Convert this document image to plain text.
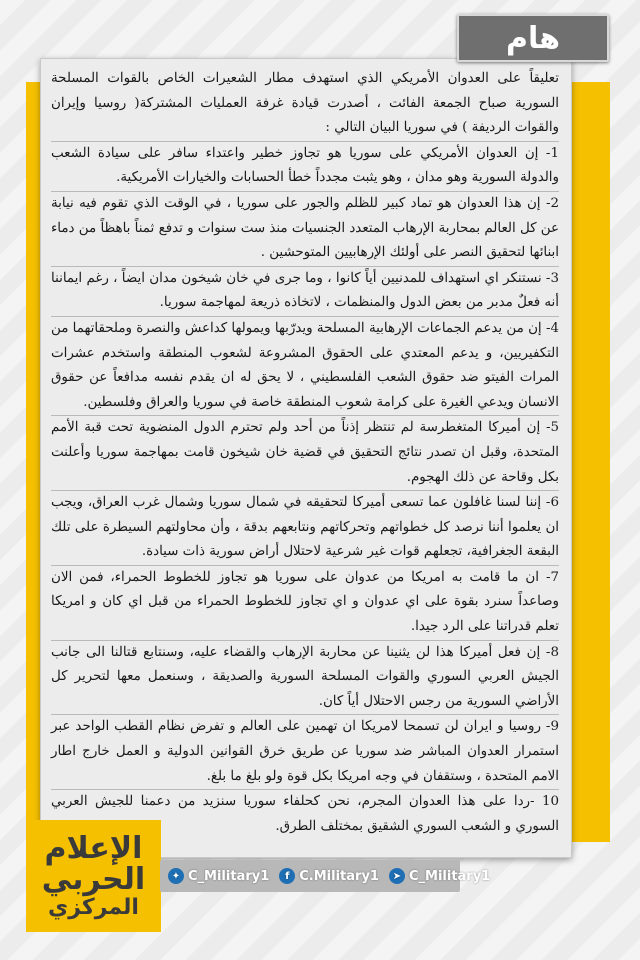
تعليقاً على العدوان الأمريكي الذي استهدف مطار الشعيرات الخاص بالقوات المسلحة السورية صباح الجمعة الفائت ، أصدرت قيادة غرفة العمليات المشتركة( روسيا وإيران والقوات الرديفة ) في سوريا البيان التالي :

1- إن العدوان الأمريكي على سوريا هو تجاوز خطير واعتداء سافر على سيادة الشعب والدولة السورية وهو مدان ، وهو يثبت مجدداً خطأ الحسابات والخيارات الأمريكية.

2- إن هذا العدوان هو تماد كبير للظلم والجور على سوريا ، في الوقت الذي تقوم فيه نيابة عن كل العالم بمحاربة الإرهاب المتعدد الجنسيات منذ ست سنوات و تدفع ثمناً باهظاً من دماء ابنائها لتحقيق النصر على أولئك الإرهابيين المتوحشين .

3- نستنكر اي استهداف للمدنيين أياً كانوا ، وما جرى في خان شيخون مدان ايضاً ، رغم ايماننا أنه فعلٌ مدبر من بعض الدول والمنظمات ، لاتخاذه ذريعة لمهاجمة سوريا.

4- إن من يدعم الجماعات الإرهابية المسلحة ويدرّبها ويمولها كداعش والنصرة وملحقاتهما من التكفيريين، و يدعم المعتدي على الحقوق المشروعة لشعوب المنطقة واستخدم عشرات المرات الفيتو ضد حقوق الشعب الفلسطيني ، لا يحق له ان يقدم نفسه مدافعاً عن حقوق الانسان ويدعي الغيرة على كرامة شعوب المنطقة خاصة في سوريا والعراق وفلسطين.

5- إن أميركا المتغطرسة لم تنتظر إذناً من أحد ولم تحترم الدول المنضوية تحت قبة الأمم المتحدة، وقبل ان تصدر نتائج التحقيق في قضية خان شيخون قامت بمهاجمة سوريا وأعلنت بكل وقاحة عن ذلك الهجوم.

6- إننا لسنا غافلون عما تسعى أميركا لتحقيقه في شمال سوريا وشمال غرب العراق، ويجب ان يعلموا أننا نرصد كل خطواتهم وتحركاتهم ونتابعهم بدقة ، وأن محاولتهم السيطرة على تلك البقعة الجغرافية، تجعلهم قوات غير شرعية لاحتلال أراض سورية ذات سيادة.

7- ان ما قامت به امريكا من عدوان على سوريا هو تجاوز للخطوط الحمراء، فمن الان وصاعداً سنرد بقوة على اي عدوان و اي تجاوز للخطوط الحمراء من قبل اي كان و امريكا تعلم قدراتنا على الرد جيدا.

8- إن فعل أميركا هذا لن يثنينا عن محاربة الإرهاب والقضاء عليه، وسنتابع قتالنا الى جانب الجيش العربي السوري والقوات المسلحة السورية والصديقة ، وسنعمل معها لتحرير كل الأراضي السورية من رجس الاحتلال أياً كان.

9- روسيا و ايران لن تسمحا لامريكا ان تهمين على العالم و تفرض نظام القطب الواحد عبر استمرار العدوان المباشر ضد سوريا عن طريق خرق القوانين الدولية و العمل خارج اطار الامم المتحدة ، وستقفان في وجه امريكا بكل قوة ولو بلغ ما بلغ.

10 -ردا على هذا العدوان المجرم، نحن كحلفاء سوريا سنزيد من دعمنا للجيش العربي السوري و الشعب السوري الشقيق بمختلف الطرق.

هام
الإعلام
الحربي
المركزي
✦ C_Military1	f C.Military1	➤ C_Military1
